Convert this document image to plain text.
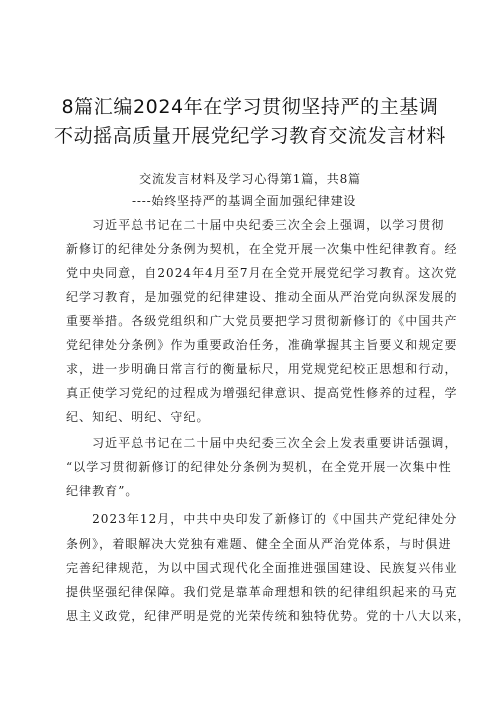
8篇汇编2024年在学习贯彻坚持严的主基调
不动摇高质量开展党纪学习教育交流发言材料
交流发言材料及学习心得第1篇，共8篇
----始终坚持严的基调全面加强纪律建设
　　习近平总书记在二十届中央纪委三次全会上强调，以学习贯彻
新修订的纪律处分条例为契机，在全党开展一次集中性纪律教育。经
党中央同意，自2024年4月至7月在全党开展党纪学习教育。这次党
纪学习教育，是加强党的纪律建设、推动全面从严治党向纵深发展的
重要举措。各级党组织和广大党员要把学习贯彻新修订的《中国共产
党纪律处分条例》作为重要政治任务，准确掌握其主旨要义和规定要
求，进一步明确日常言行的衡量标尺，用党规党纪校正思想和行动，
真正使学习党纪的过程成为增强纪律意识、提高党性修养的过程，学
纪、知纪、明纪、守纪。
　　习近平总书记在二十届中央纪委三次全会上发表重要讲话强调，
“以学习贯彻新修订的纪律处分条例为契机，在全党开展一次集中性
纪律教育”。
　　2023年12月，中共中央印发了新修订的《中国共产党纪律处分
条例》，着眼解决大党独有难题、健全全面从严治党体系，与时俱进
完善纪律规范，为以中国式现代化全面推进强国建设、民族复兴伟业
提供坚强纪律保障。我们党是靠革命理想和铁的纪律组织起来的马克
思主义政党，纪律严明是党的光荣传统和独特优势。党的十八大以来，
